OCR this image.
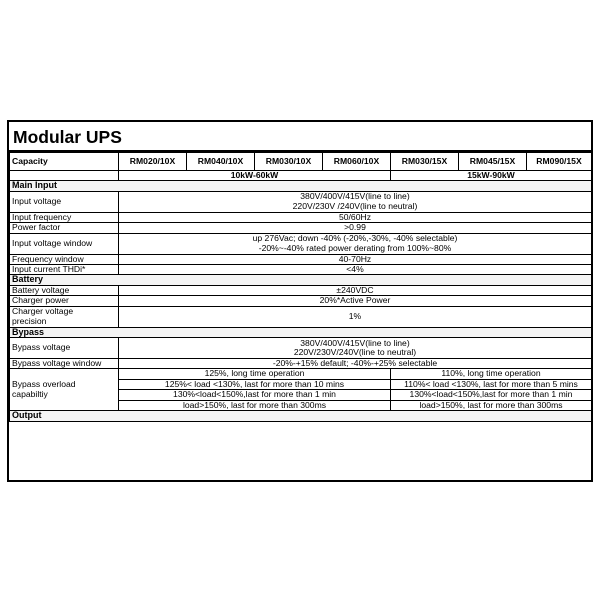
Modular UPS
Capacity	RM020/10X	RM040/10X	RM030/10X	RM060/10X	RM030/15X	RM045/15X	RM090/15X
	10kW-60kW				15kW-90kW		
Main Input							
Input voltage	380V/400V/415V(line to line)
220V/230V /240V(line to neutral)						

Input frequency	50/60Hz						
Power factor	>0.99						
Input voltage window	up 276Vac; down -40% (-20%,-30%, -40% selectable)
-20%~-40% rated power derating from 100%~80%						

Frequency window	40-70Hz						
Input current THDi*	<4%						
Battery							
Battery voltage	±240VDC						
Charger power	20%*Active Power						

Charger voltage
precision	1%						
Bypass							
Bypass voltage	380V/400V/415V(line to line)
220V/230V/240V(line to neutral)						

Bypass voltage window	-20%-+15% default; -40%-+25% selectable						

Bypass overload
capabiltiy	125%, long time operation				110%, long time operation		
	125%< load <130%, last for more than 10 mins				110%< load <130%, last for more than 5 mins		
	130%<load<150%,last for more than 1 min				130%<load<150%,last for more than 1 min		
	load>150%, last for more than 300ms				load>150%, last for more than 300ms		
Output							
